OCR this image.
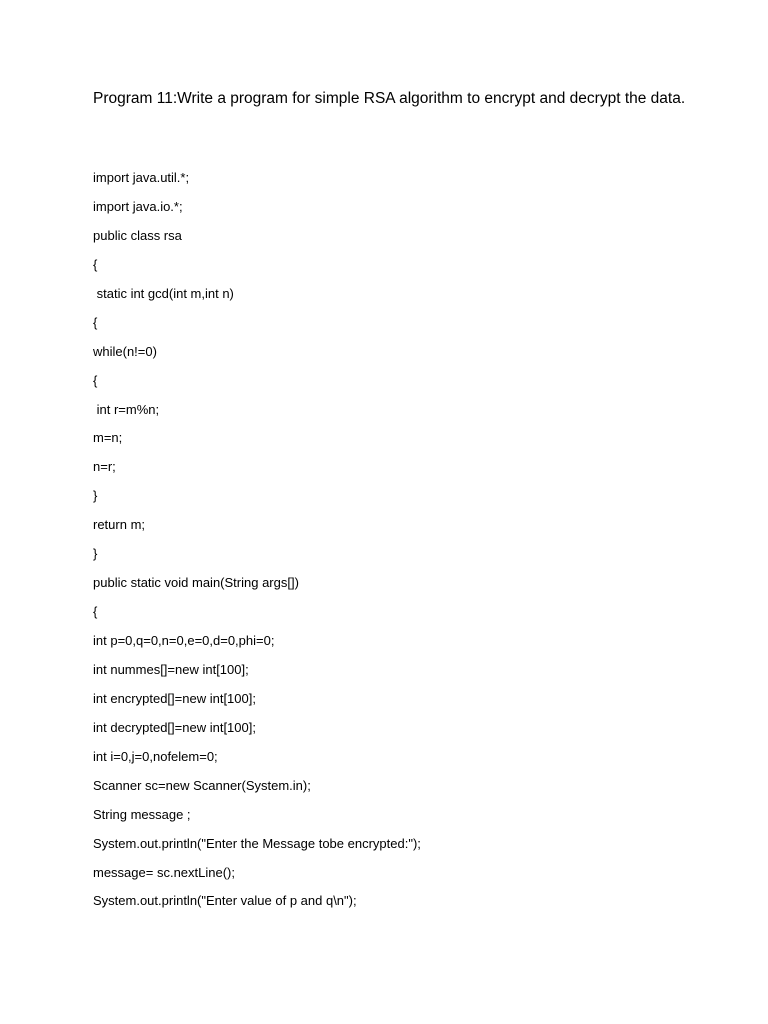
Program 11:Write a program for simple RSA algorithm to encrypt and decrypt the data.
import java.util.*;
import java.io.*;
public class rsa
{
static int gcd(int m,int n)
{
while(n!=0)
{
int r=m%n;
m=n;
n=r;
}
return m;
}
public static void main(String args[])
{
int p=0,q=0,n=0,e=0,d=0,phi=0;
int nummes[]=new int[100];
int encrypted[]=new int[100];
int decrypted[]=new int[100];
int i=0,j=0,nofelem=0;
Scanner sc=new Scanner(System.in);
String message ;
System.out.println("Enter the Message tobe encrypted:");
message= sc.nextLine();
System.out.println("Enter value of p and q\n");
